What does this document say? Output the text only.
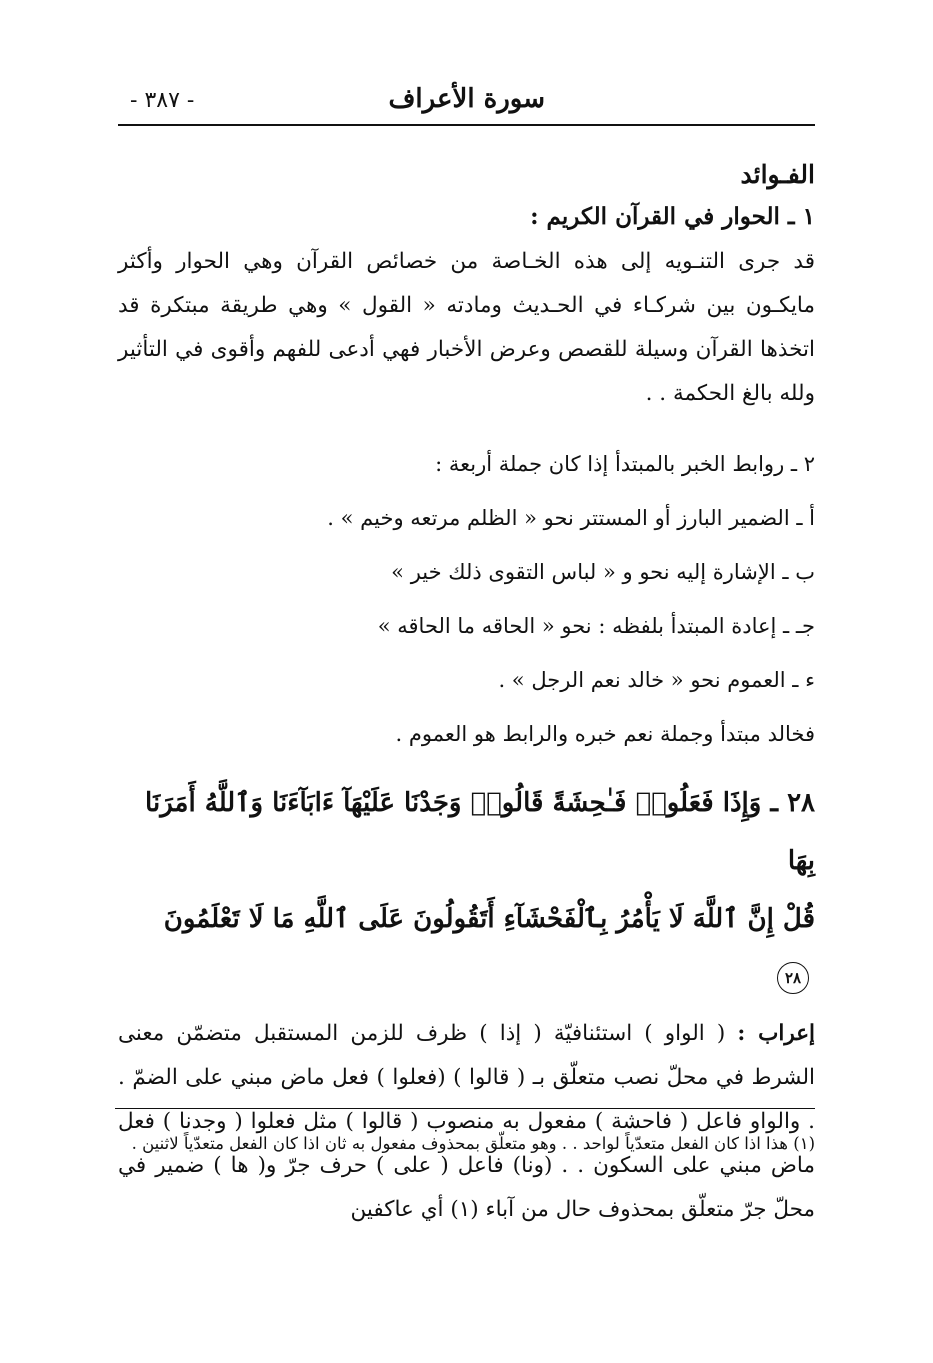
- ٣٨٧ -	سورة الأعراف
الفـوائد
١ ـ الحوار في القرآن الكريم :

قد جرى التنـويه إلى هذه الخـاصة من خصائص القرآن وهي الحوار وأكثر مايكـون بين شركـاء في الحـديث ومادته « القول » وهي طريقة مبتكرة قد اتخذها القرآن وسيلة للقصص وعرض الأخبار فهي أدعى للفهم وأقوى في التأثير ولله بالغ الحكمة . .

٢ ـ روابط الخبر بالمبتدأ إذا كان جملة أربعة :
أ ـ الضمير البارز أو المستتر نحو « الظلم مرتعه وخيم » .
ب ـ الإشارة إليه نحو و « لباس التقوى ذلك خير »
جـ ـ إعادة المبتدأ بلفظه : نحو « الحاقه ما الحاقه »
ء ـ العموم نحو « خالد نعم الرجل » .
فخالد مبتدأ وجملة نعم خبره والرابط هو العموم .
٢٨ ـ وَإِذَا فَعَلُوا۟ فَـٰحِشَةً قَالُوا۟ وَجَدْنَا عَلَيْهَآ ءَابَآءَنَا وَٱللَّهُ أَمَرَنَا بِهَا
قُلْ إِنَّ ٱللَّهَ لَا يَأْمُرُ بِٱلْفَحْشَآءِ أَتَقُولُونَ عَلَى ٱللَّهِ مَا لَا تَعْلَمُونَ ٢٨

إعراب : ( الواو ) استئنافيّة ( إذا ) ظرف للزمن المستقبل متضمّن معنى الشرط في محلّ نصب متعلّق بـ ( قالوا ) (فعلوا ) فعل ماض مبني على الضمّ . . والواو فاعل ( فاحشة ) مفعول به منصوب ( قالوا ) مثل فعلوا ( وجدنا ) فعل ماض مبني على السكون . . (ونا) فاعل ( على ) حرف جرّ و( ها ) ضمير في محلّ جرّ متعلّق بمحذوف حال من آباء (١) أي عاكفين

(١) هذا اذا كان الفعل متعدّياً لواحد . . وهو متعلّق بمحذوف مفعول به ثان اذا كان الفعل متعدّياً لاثنين .
